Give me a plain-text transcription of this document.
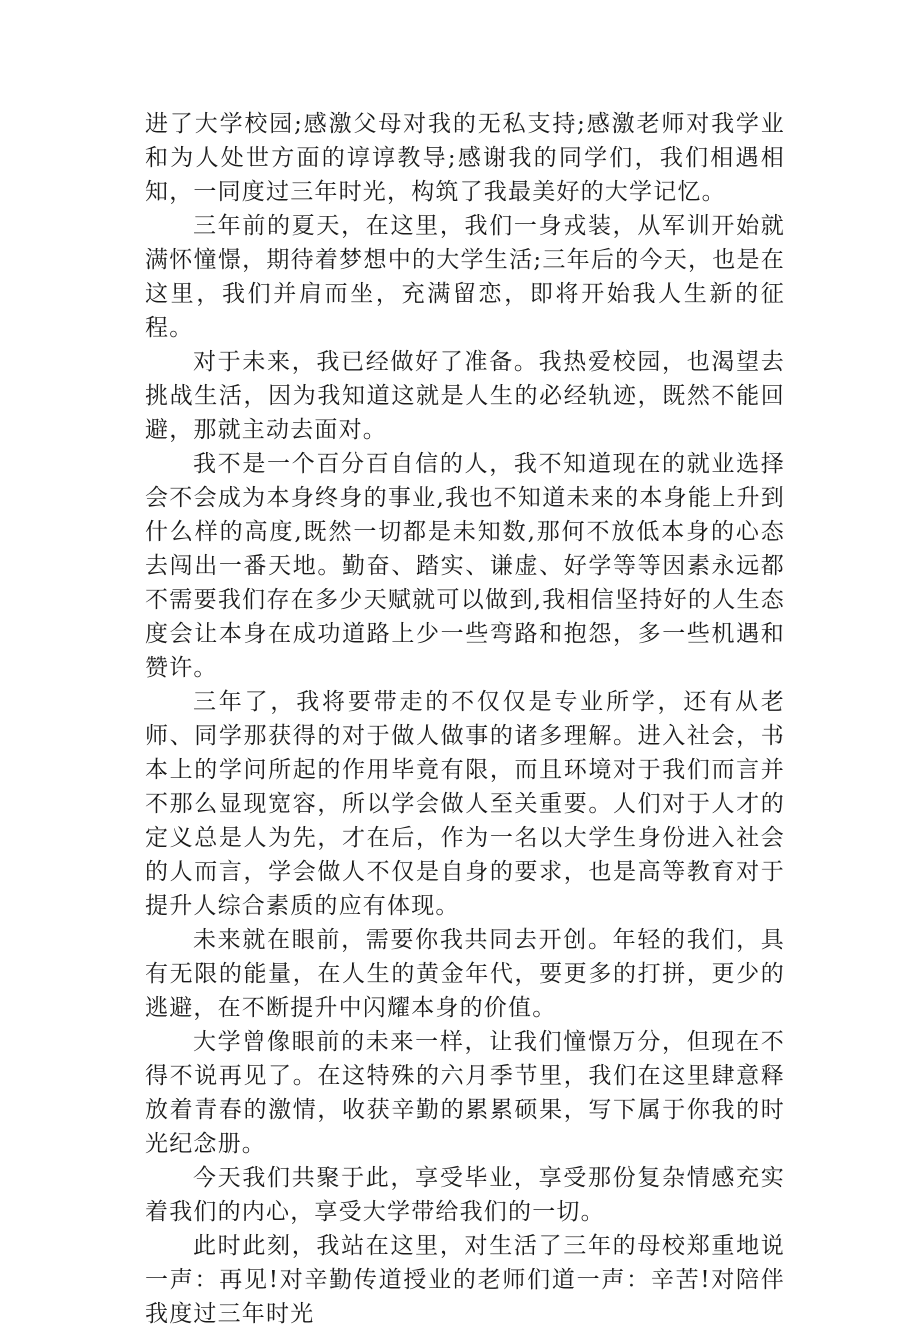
进了大学校园;感激父母对我的无私支持;感激老师对我学业和为人处世方面的谆谆教导;感谢我的同学们，我们相遇相知，一同度过三年时光，构筑了我最美好的大学记忆。

三年前的夏天，在这里，我们一身戎装，从军训开始就满怀憧憬，期待着梦想中的大学生活;三年后的今天，也是在这里，我们并肩而坐，充满留恋，即将开始我人生新的征程。

对于未来，我已经做好了准备。我热爱校园，也渴望去挑战生活，因为我知道这就是人生的必经轨迹，既然不能回避，那就主动去面对。

我不是一个百分百自信的人，我不知道现在的就业选择会不会成为本身终身的事业,我也不知道未来的本身能上升到什么样的高度,既然一切都是未知数,那何不放低本身的心态去闯出一番天地。勤奋、踏实、谦虚、好学等等因素永远都不需要我们存在多少天赋就可以做到,我相信坚持好的人生态度会让本身在成功道路上少一些弯路和抱怨，多一些机遇和赞许。

三年了，我将要带走的不仅仅是专业所学，还有从老师、同学那获得的对于做人做事的诸多理解。进入社会，书本上的学问所起的作用毕竟有限，而且环境对于我们而言并不那么显现宽容，所以学会做人至关重要。人们对于人才的定义总是人为先，才在后，作为一名以大学生身份进入社会的人而言，学会做人不仅是自身的要求，也是高等教育对于提升人综合素质的应有体现。

未来就在眼前，需要你我共同去开创。年轻的我们，具有无限的能量，在人生的黄金年代，要更多的打拼，更少的逃避，在不断提升中闪耀本身的价值。

大学曾像眼前的未来一样，让我们憧憬万分，但现在不得不说再见了。在这特殊的六月季节里，我们在这里肆意释放着青春的激情，收获辛勤的累累硕果，写下属于你我的时光纪念册。

今天我们共聚于此，享受毕业，享受那份复杂情感充实着我们的内心，享受大学带给我们的一切。

此时此刻，我站在这里，对生活了三年的母校郑重地说一声：再见!对辛勤传道授业的老师们道一声：辛苦!对陪伴我度过三年时光
